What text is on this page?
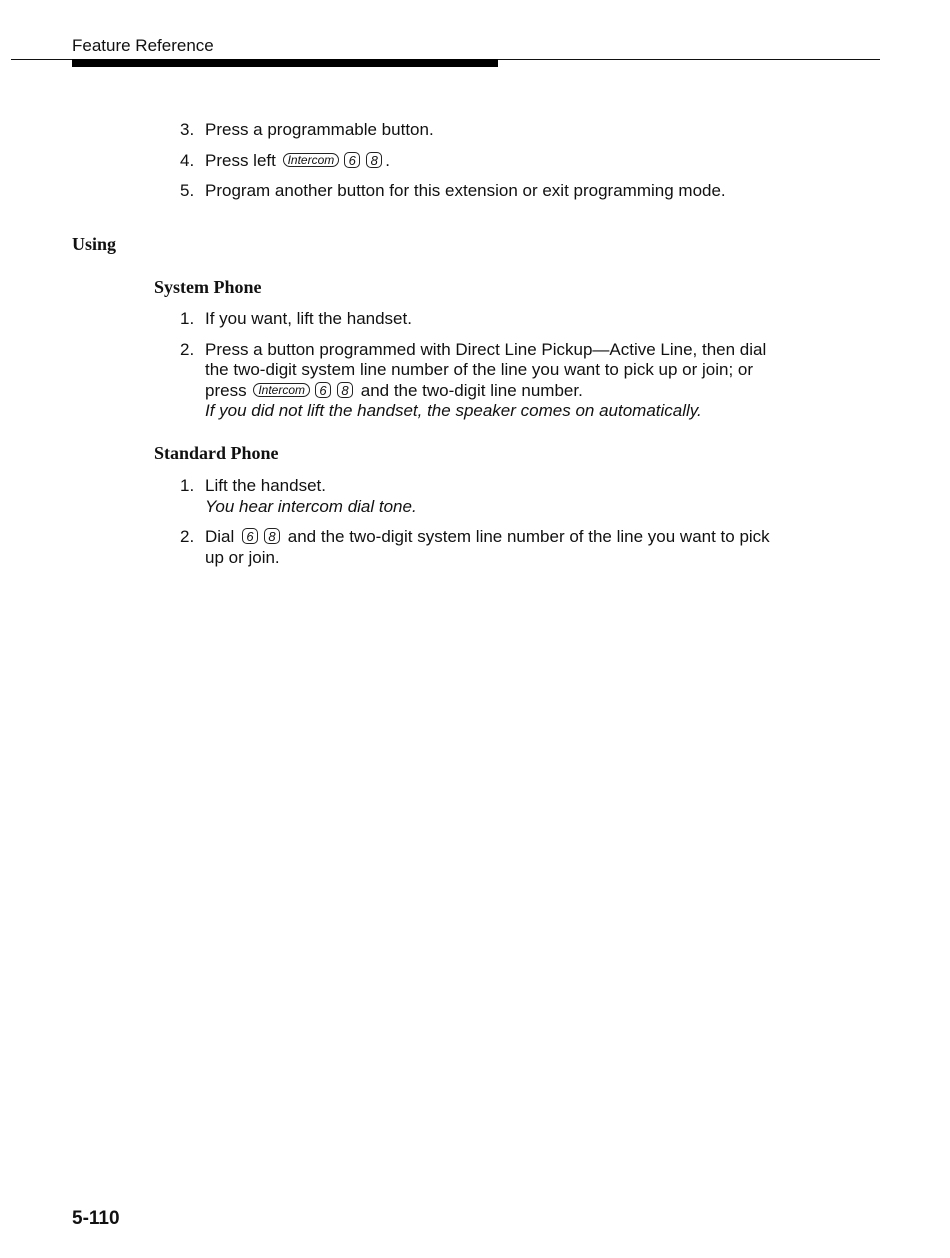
Feature Reference
3. Press a programmable button.
4. Press left Intercom 6 8 .
5. Program another button for this extension or exit programming mode.
Using
System Phone
1. If you want, lift the handset.
2. Press a button programmed with Direct Line Pickup—Active Line, then dial the two-digit system line number of the line you want to pick up or join; or press Intercom 6 8 and the two-digit line number.
If you did not lift the handset, the speaker comes on automatically.
Standard Phone
1. Lift the handset.
You hear intercom dial tone.
2. Dial 6 8 and the two-digit system line number of the line you want to pick up or join.
5-110
